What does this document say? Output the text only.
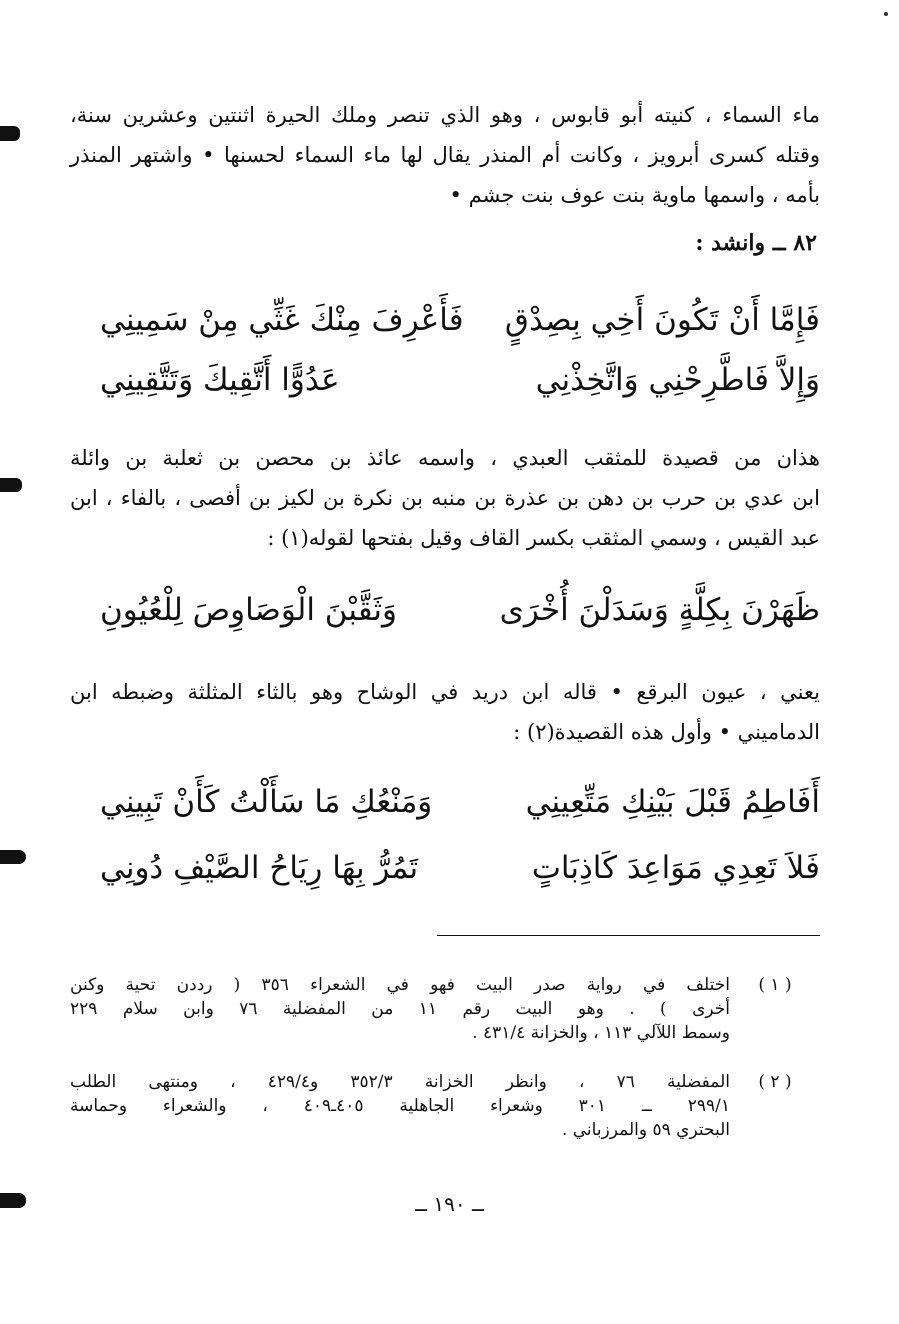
ماء السماء ، كنيته أبو قابوس ، وهو الذي تنصر وملك الحيرة اثنتين وعشرين سنة،

وقتله كسرى أبرويز ، وكانت أم المنذر يقال لها ماء السماء لحسنها • واشتهر المنذر

بأمه ، واسمها ماوية بنت عوف بنت جشم •

٨٢ ــ وانشد :
فَإِمَّا أَنْ تَكُونَ أَخِي بِصِدْقٍ
فَأَعْرِفَ مِنْكَ غَثِّي مِنْ سَمِينِي
وَإِلاَّ فَاطَّرِحْنِي وَاتَّخِذْنِي
عَدُوًّا أَتَّقِيكَ وَتَتَّقِينِي

هذان من قصيدة للمثقب العبدي ، واسمه عائذ بن محصن بن ثعلبة بن وائلة

ابن عدي بن حرب بن دهن بن عذرة بن منبه بن نكرة بن لكيز بن أفصى ، بالفاء ، ابن

عبد القيس ، وسمي المثقب بكسر القاف وقيل بفتحها لقوله(١) :

ظَهَرْنَ بِكِلَّةٍ وَسَدَلْنَ أُخْرَى
وَثَقَّبْنَ الْوَصَاوِصَ لِلْعُيُونِ

يعني ، عيون البرقع • قاله ابن دريد في الوشاح وهو بالثاء المثلثة وضبطه ابن

الدماميني • وأول هذه القصيدة(٢) :

أَفَاطِمُ قَبْلَ بَيْنِكِ مَتِّعِينِي
وَمَنْعُكِ مَا سَأَلْتُ كَأَنْ تَبِينِي
فَلاَ تَعِدِي مَوَاعِدَ كَاذِبَاتٍ
تَمُرُّ بِهَا رِيَاحُ الصَّيْفِ دُونِي
( ١ )
اختلف في رواية صدر البيت فهو في الشعراء ٣٥٦ ( رددن تحية وكنن
أخرى ) . وهو البيت رقم ١١ من المفضلية ٧٦ وابن سلام ٢٢٩
وسمط اللآلي ١١٣ ، والخزانة ٤٣١/٤ .
( ٢ )
المفضلية ٧٦ ، وانظر الخزانة ٣٥٢/٣ و٤٢٩/٤ ، ومنتهى الطلب
٢٩٩/١ ــ ٣٠١ وشعراء الجاهلية ٤٠٥ـ٤٠٩ ، والشعراء وحماسة
البحتري ٥٩ والمرزباني .
ــ ١٩٠ ــ
